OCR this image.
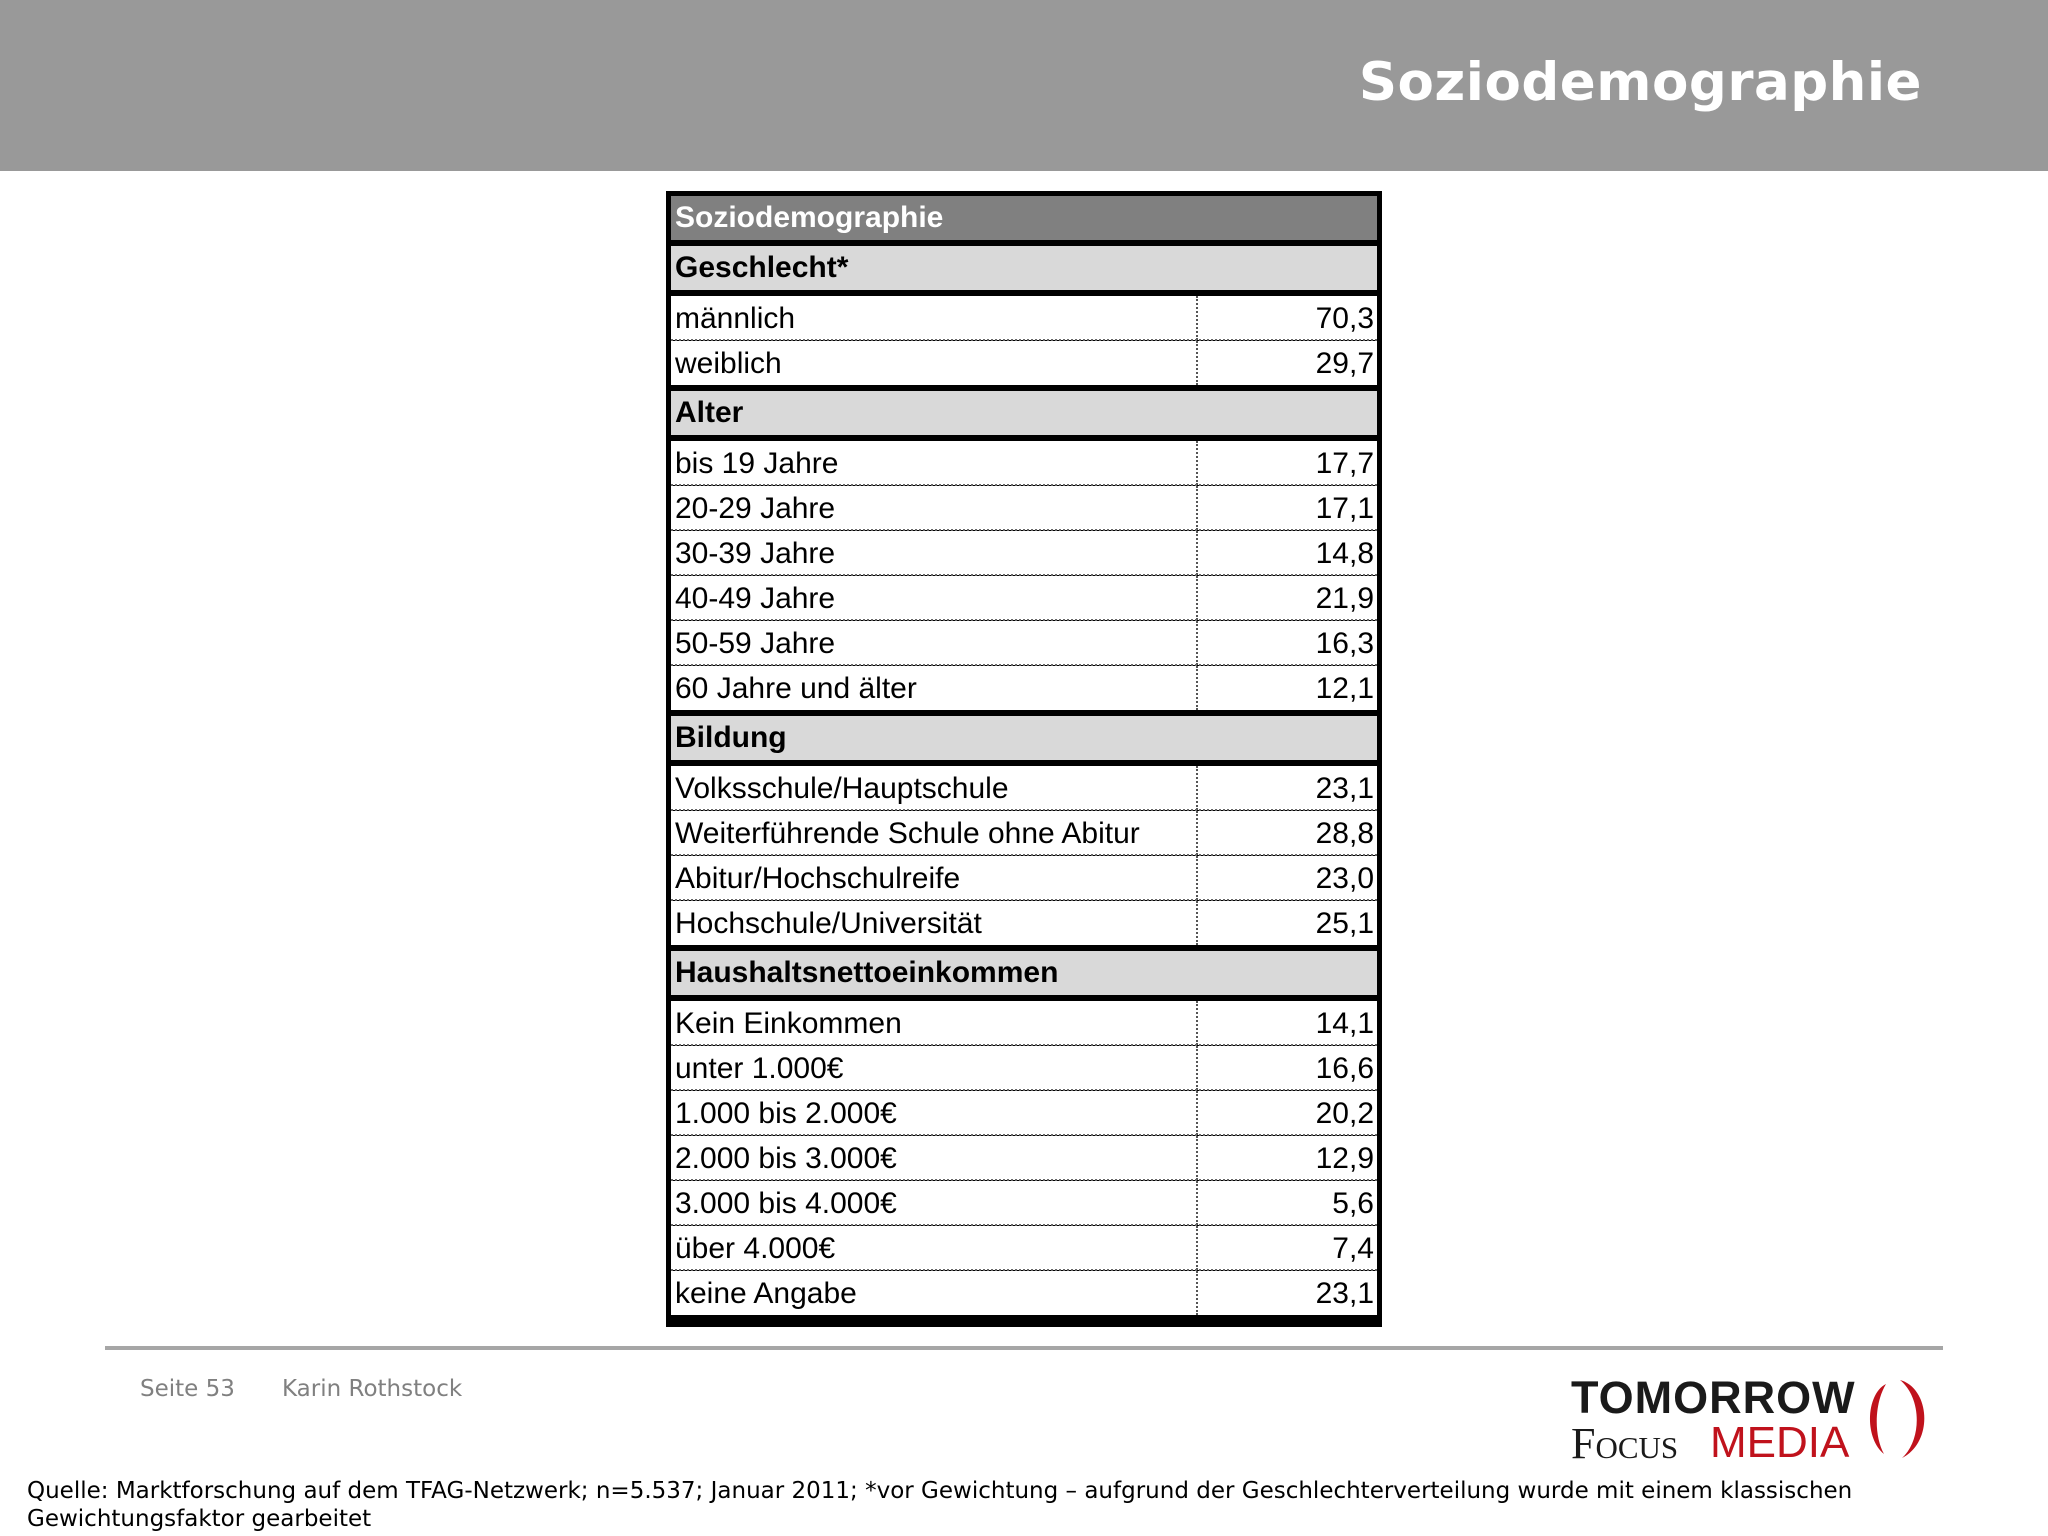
Soziodemographie
Soziodemographie
Geschlecht*
männlich	70,3
weiblich	29,7
Alter
bis 19 Jahre	17,7
20-29 Jahre	17,1
30-39 Jahre	14,8
40-49 Jahre	21,9
50-59 Jahre	16,3
60 Jahre und älter	12,1
Bildung
Volksschule/Hauptschule	23,1
Weiterführende Schule ohne Abitur	28,8
Abitur/Hochschulreife	23,0
Hochschule/Universität	25,1
Haushaltsnettoeinkommen
Kein Einkommen	14,1
unter 1.000€	16,6
1.000 bis 2.000€	20,2
2.000 bis 3.000€	12,9
3.000 bis 4.000€	5,6
über 4.000€	7,4
keine Angabe	23,1
Seite 53 Karin Rothstock	TOMORROW
Focus MEDIA
Quelle: Marktforschung auf dem TFAG-Netzwerk; n=5.537; Januar 2011; *vor Gewichtung – aufgrund der Geschlechterverteilung wurde mit einem klassischen Gewichtungsfaktor gearbeitet
